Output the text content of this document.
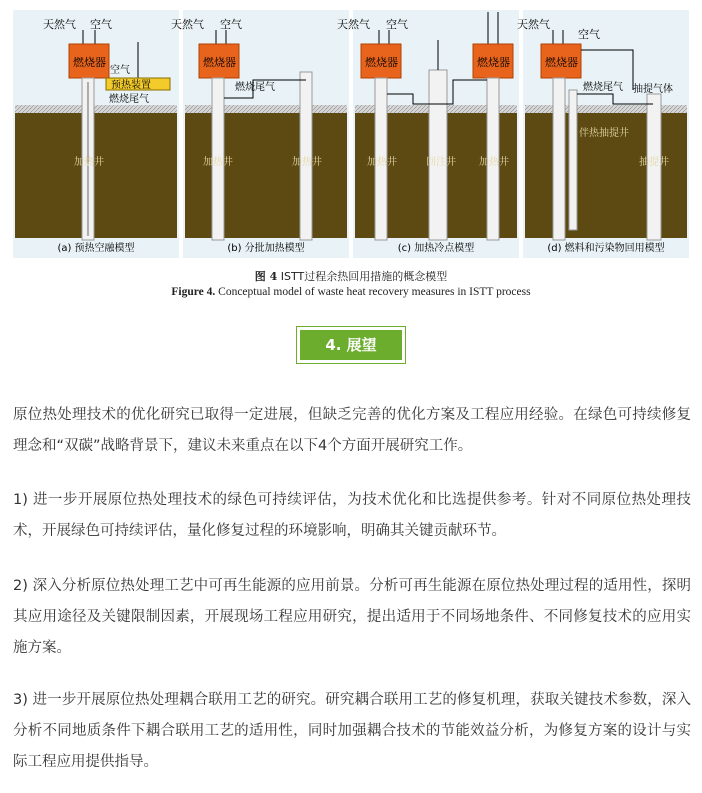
天然气 空气
燃烧器
空气
预热装置
燃烧尾气
加热井
(a) 预热空融模型
天然气 空气
燃烧器
燃烧尾气
加热井	加热井
(b) 分批加热模型
天然气 空气
燃烧器	燃烧器
加热井	回注井 加热井
(c) 加热冷点模型
天然气
空气
燃烧器
燃烧尾气 抽提气体
伴热抽提井
抽提井
(d) 燃料和污染物回用模型
图 4 ISTT过程余热回用措施的概念模型
Figure 4. Conceptual model of waste heat recovery measures in ISTT process
4. 展望

原位热处理技术的优化研究已取得一定进展，但缺乏完善的优化方案及工程应用经验。在绿色可持续修复理念和“双碳”战略背景下，建议未来重点在以下4个方面开展研究工作。

1) 进一步开展原位热处理技术的绿色可持续评估，为技术优化和比选提供参考。针对不同原位热处理技术，开展绿色可持续评估，量化修复过程的环境影响，明确其关键贡献环节。

2) 深入分析原位热处理工艺中可再生能源的应用前景。分析可再生能源在原位热处理过程的适用性，探明其应用途径及关键限制因素，开展现场工程应用研究，提出适用于不同场地条件、不同修复技术的应用实施方案。

3) 进一步开展原位热处理耦合联用工艺的研究。研究耦合联用工艺的修复机理，获取关键技术参数，深入分析不同地质条件下耦合联用工艺的适用性，同时加强耦合技术的节能效益分析，为修复方案的设计与实际工程应用提供指导。
